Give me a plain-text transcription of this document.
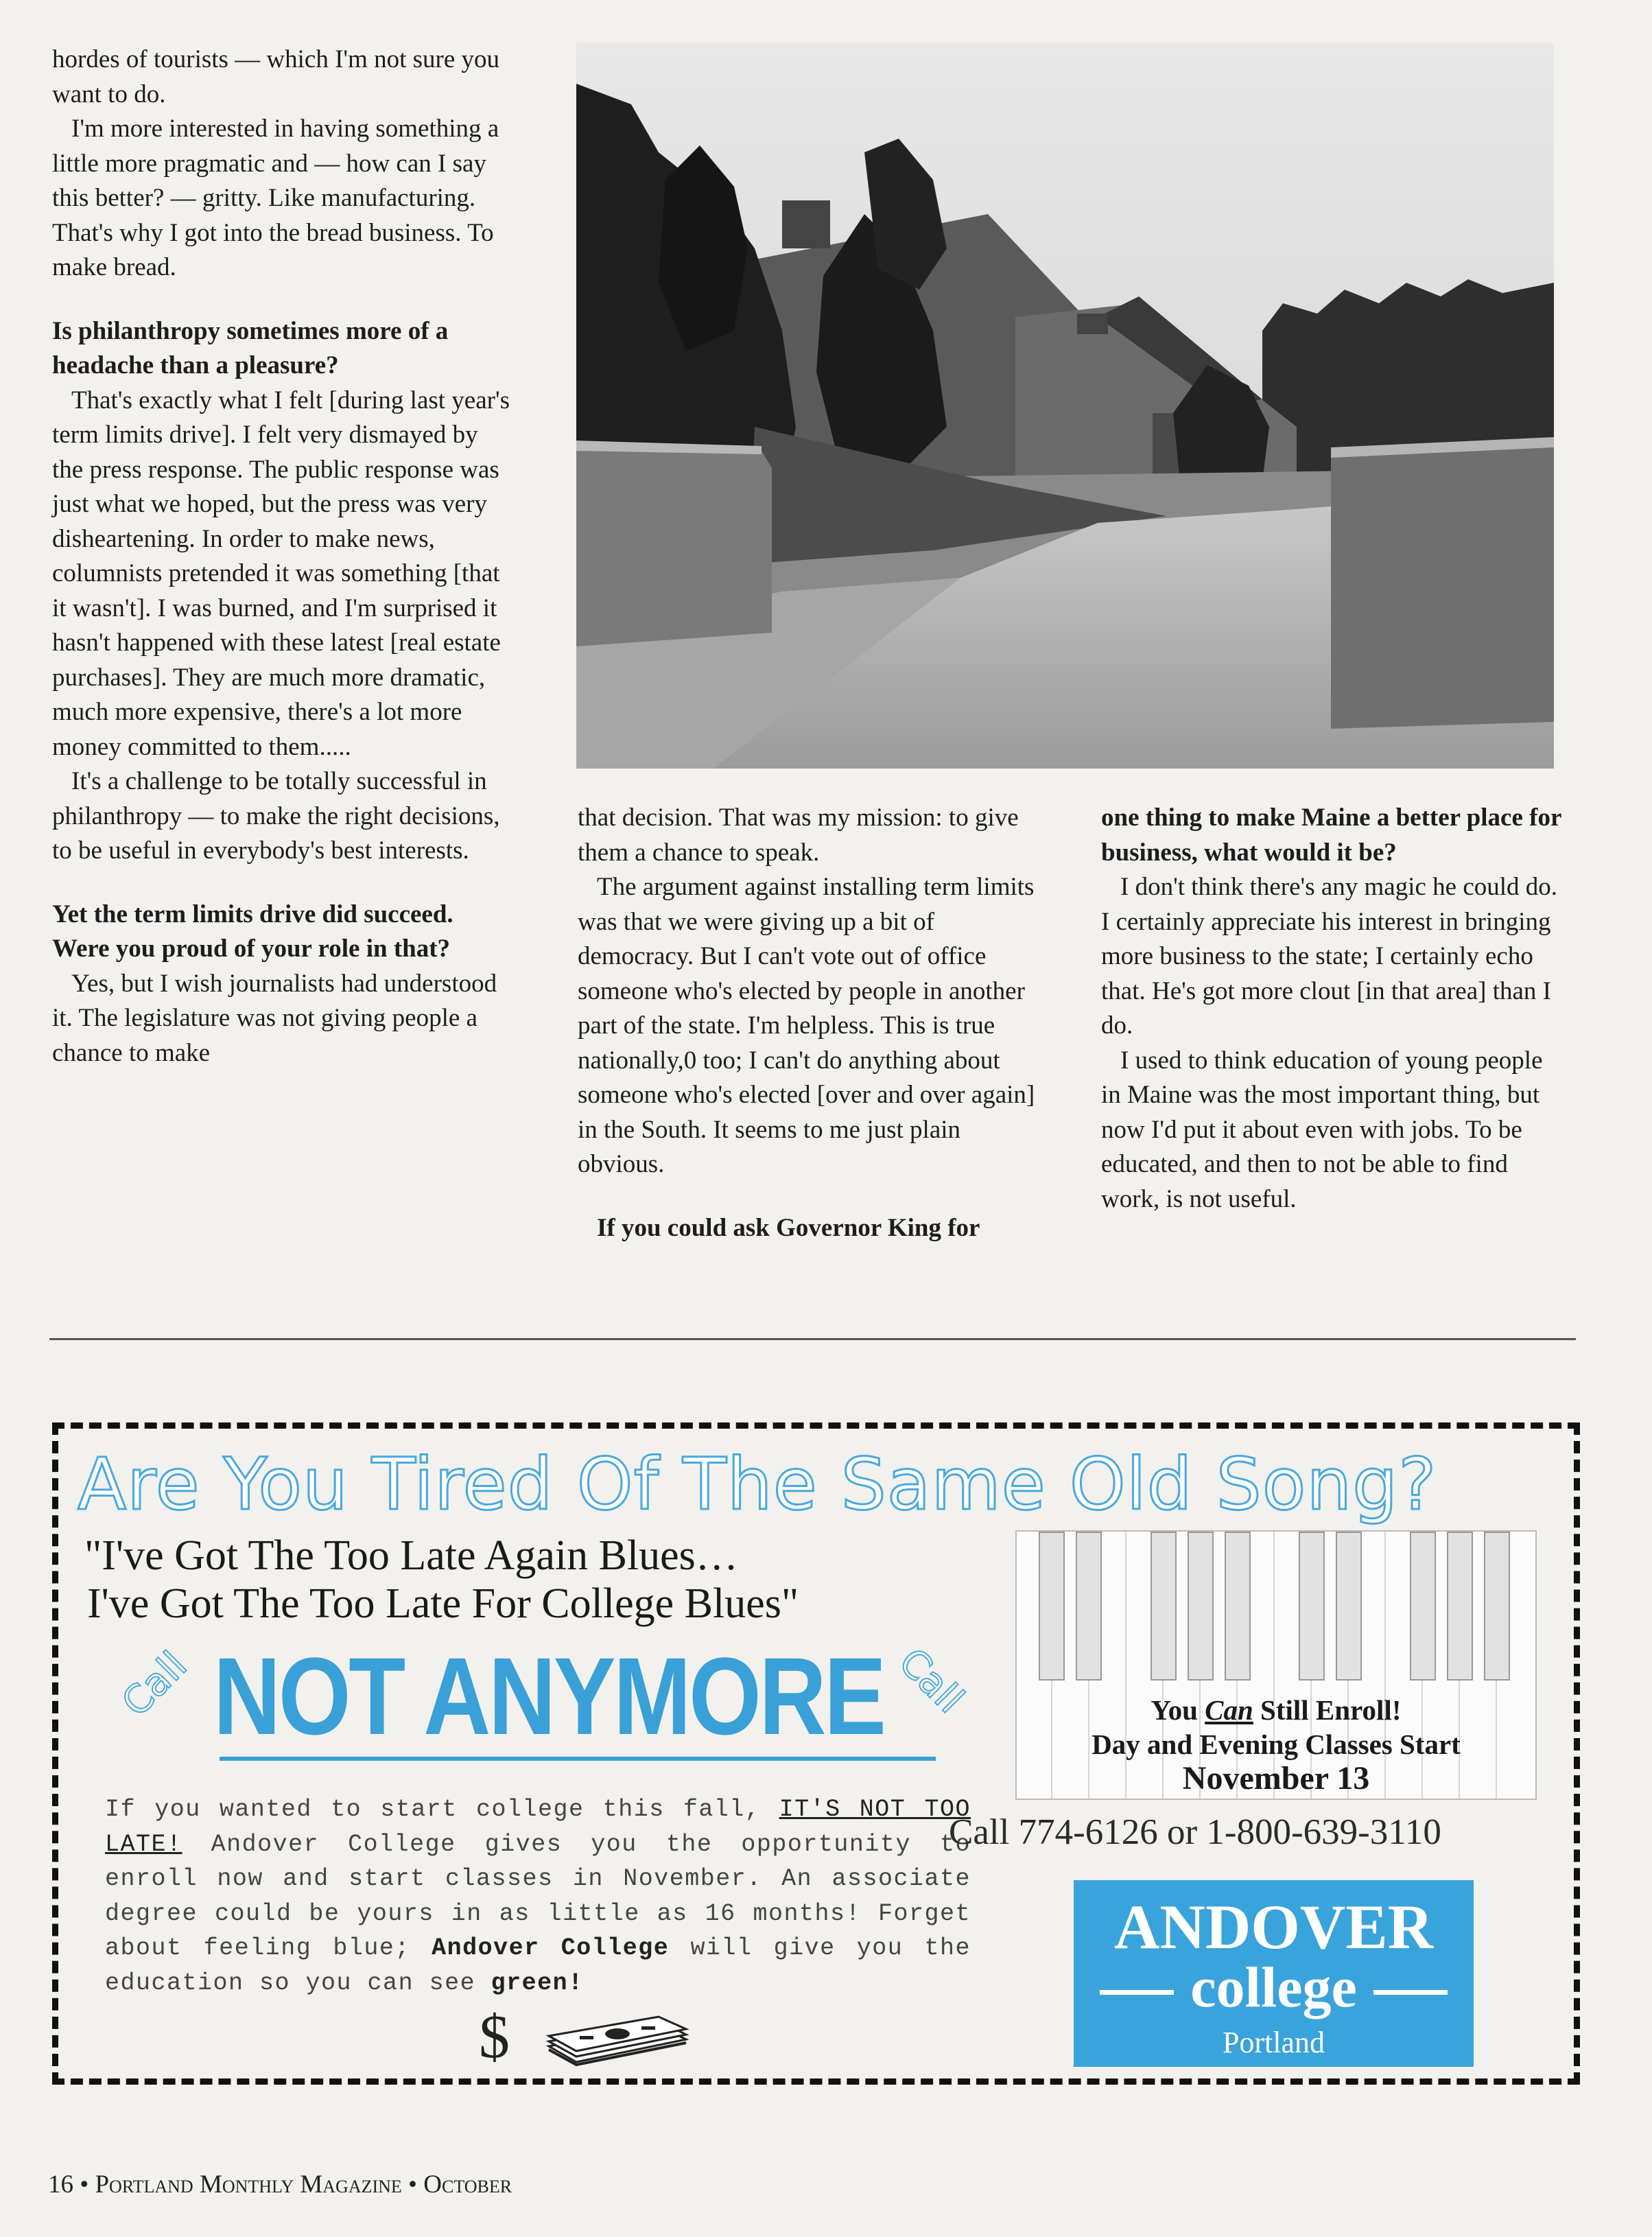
hordes of tourists — which I'm not sure you want to do.

I'm more interested in having something a little more pragmatic and — how can I say this better? — gritty. Like manufacturing. That's why I got into the bread business. To make bread.

Is philanthropy sometimes more of a headache than a pleasure?

That's exactly what I felt [during last year's term limits drive]. I felt very dismayed by the press response. The public response was just what we hoped, but the press was very disheartening. In order to make news, columnists pretended it was something [that it wasn't]. I was burned, and I'm surprised it hasn't happened with these latest [real estate purchases]. They are much more dramatic, much more expensive, there's a lot more money committed to them.....

It's a challenge to be totally successful in philanthropy — to make the right decisions, to be useful in everybody's best interests.

Yet the term limits drive did succeed. Were you proud of your role in that?

Yes, but I wish journalists had understood it. The legislature was not giving people a chance to make

that decision. That was my mission: to give them a chance to speak.

The argument against installing term limits was that we were giving up a bit of democracy. But I can't vote out of office someone who's elected by people in another part of the state. I'm helpless. This is true nationally,0 too; I can't do anything about someone who's elected [over and over again] in the South. It seems to me just plain obvious.

If you could ask Governor King for
one thing to make Maine a better place for business, what would it be?

I don't think there's any magic he could do. I certainly appreciate his interest in bringing more business to the state; I certainly echo that. He's got more clout [in that area] than I do.

I used to think education of young people in Maine was the most important thing, but now I'd put it about even with jobs. To be educated, and then to not be able to find work, is not useful.

Are You Tired Of The Same Old Song?
"I've Got The Too Late Again Blues…
I've Got The Too Late For College Blues"
Call NOT ANYMORE Call
If you wanted to start college this fall, IT'S NOT TOO LATE! Andover College gives you the opportunity to enroll now and start classes in November. An associate degree could be yours in as little as 16 months! Forget about feeling blue; Andover College will give you the education so you can see green!
$
You Can Still Enroll!
Day and Evening Classes Start
November 13
Call 774-6126 or 1-800-639-3110
ANDOVER
college
Portland
16 • Portland Monthly Magazine • October
